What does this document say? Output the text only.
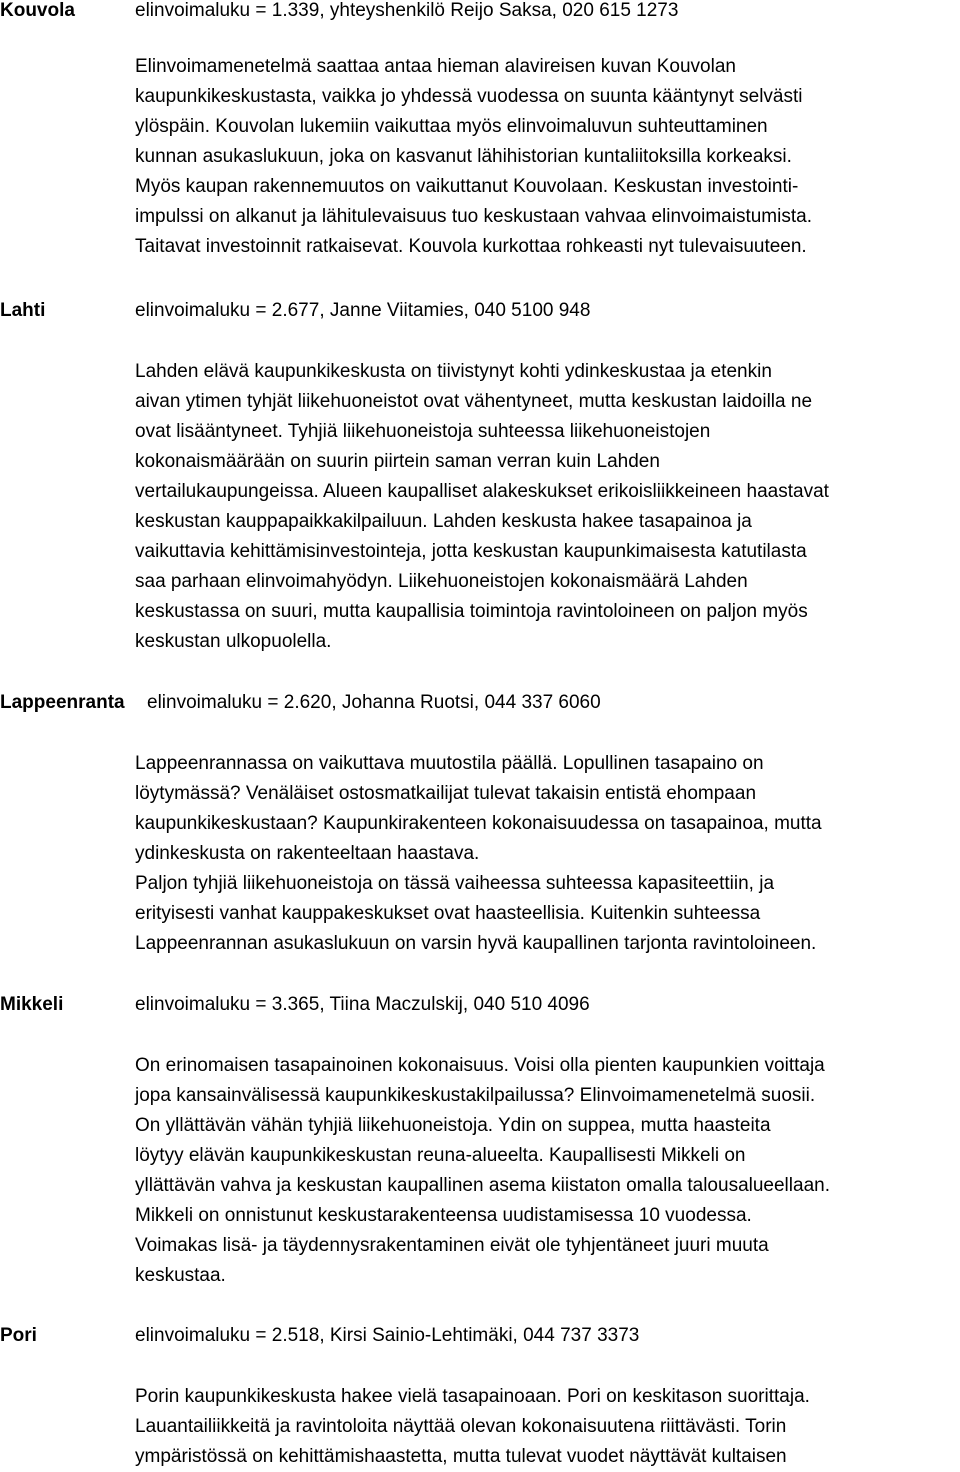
Kouvola	elinvoimaluku = 1.339, yhteyshenkilö Reijo Saksa, 020 615 1273
Elinvoimamenetelmä saattaa antaa hieman alavireisen kuvan Kouvolan
kaupunkikeskustasta, vaikka jo yhdessä vuodessa on suunta kääntynyt selvästi
ylöspäin. Kouvolan lukemiin vaikuttaa myös elinvoimaluvun suhteuttaminen
kunnan asukaslukuun, joka on kasvanut lähihistorian kuntaliitoksilla korkeaksi.
Myös kaupan rakennemuutos on vaikuttanut Kouvolaan. Keskustan investointi-
impulssi on alkanut ja lähitulevaisuus tuo keskustaan vahvaa elinvoimaistumista.
Taitavat investoinnit ratkaisevat. Kouvola kurkottaa rohkeasti nyt tulevaisuuteen.
Lahti	elinvoimaluku = 2.677, Janne Viitamies, 040 5100 948
Lahden elävä kaupunkikeskusta on tiivistynyt kohti ydinkeskustaa ja etenkin
aivan ytimen tyhjät liikehuoneistot ovat vähentyneet, mutta keskustan laidoilla ne
ovat lisääntyneet. Tyhjiä liikehuoneistoja suhteessa liikehuoneistojen
kokonaismäärään on suurin piirtein saman verran kuin Lahden
vertailukaupungeissa. Alueen kaupalliset alakeskukset erikoisliikkeineen haastavat
keskustan kauppapaikkakilpailuun. Lahden keskusta hakee tasapainoa ja
vaikuttavia kehittämisinvestointeja, jotta keskustan kaupunkimaisesta katutilasta
saa parhaan elinvoimahyödyn. Liikehuoneistojen kokonaismäärä Lahden
keskustassa on suuri, mutta kaupallisia toimintoja ravintoloineen on paljon myös
keskustan ulkopuolella.
Lappeenranta elinvoimaluku = 2.620, Johanna Ruotsi, 044 337 6060
Lappeenrannassa on vaikuttava muutostila päällä. Lopullinen tasapaino on
löytymässä? Venäläiset ostosmatkailijat tulevat takaisin entistä ehompaan
kaupunkikeskustaan? Kaupunkirakenteen kokonaisuudessa on tasapainoa, mutta
ydinkeskusta on rakenteeltaan haastava.
Paljon tyhjiä liikehuoneistoja on tässä vaiheessa suhteessa kapasiteettiin, ja
erityisesti vanhat kauppakeskukset ovat haasteellisia. Kuitenkin suhteessa
Lappeenrannan asukaslukuun on varsin hyvä kaupallinen tarjonta ravintoloineen.
Mikkeli	elinvoimaluku = 3.365, Tiina Maczulskij, 040 510 4096
On erinomaisen tasapainoinen kokonaisuus. Voisi olla pienten kaupunkien voittaja
jopa kansainvälisessä kaupunkikeskustakilpailussa? Elinvoimamenetelmä suosii.
On yllättävän vähän tyhjiä liikehuoneistoja. Ydin on suppea, mutta haasteita
löytyy elävän kaupunkikeskustan reuna-alueelta. Kaupallisesti Mikkeli on
yllättävän vahva ja keskustan kaupallinen asema kiistaton omalla talousalueellaan.
Mikkeli on onnistunut keskustarakenteensa uudistamisessa 10 vuodessa.
Voimakas lisä- ja täydennysrakentaminen eivät ole tyhjentäneet juuri muuta
keskustaa.
Pori	elinvoimaluku = 2.518, Kirsi Sainio-Lehtimäki, 044 737 3373
Porin kaupunkikeskusta hakee vielä tasapainoaan. Pori on keskitason suorittaja.
Lauantailiikkeitä ja ravintoloita näyttää olevan kokonaisuutena riittävästi. Torin
ympäristössä on kehittämishaastetta, mutta tulevat vuodet näyttävät kultaisen
